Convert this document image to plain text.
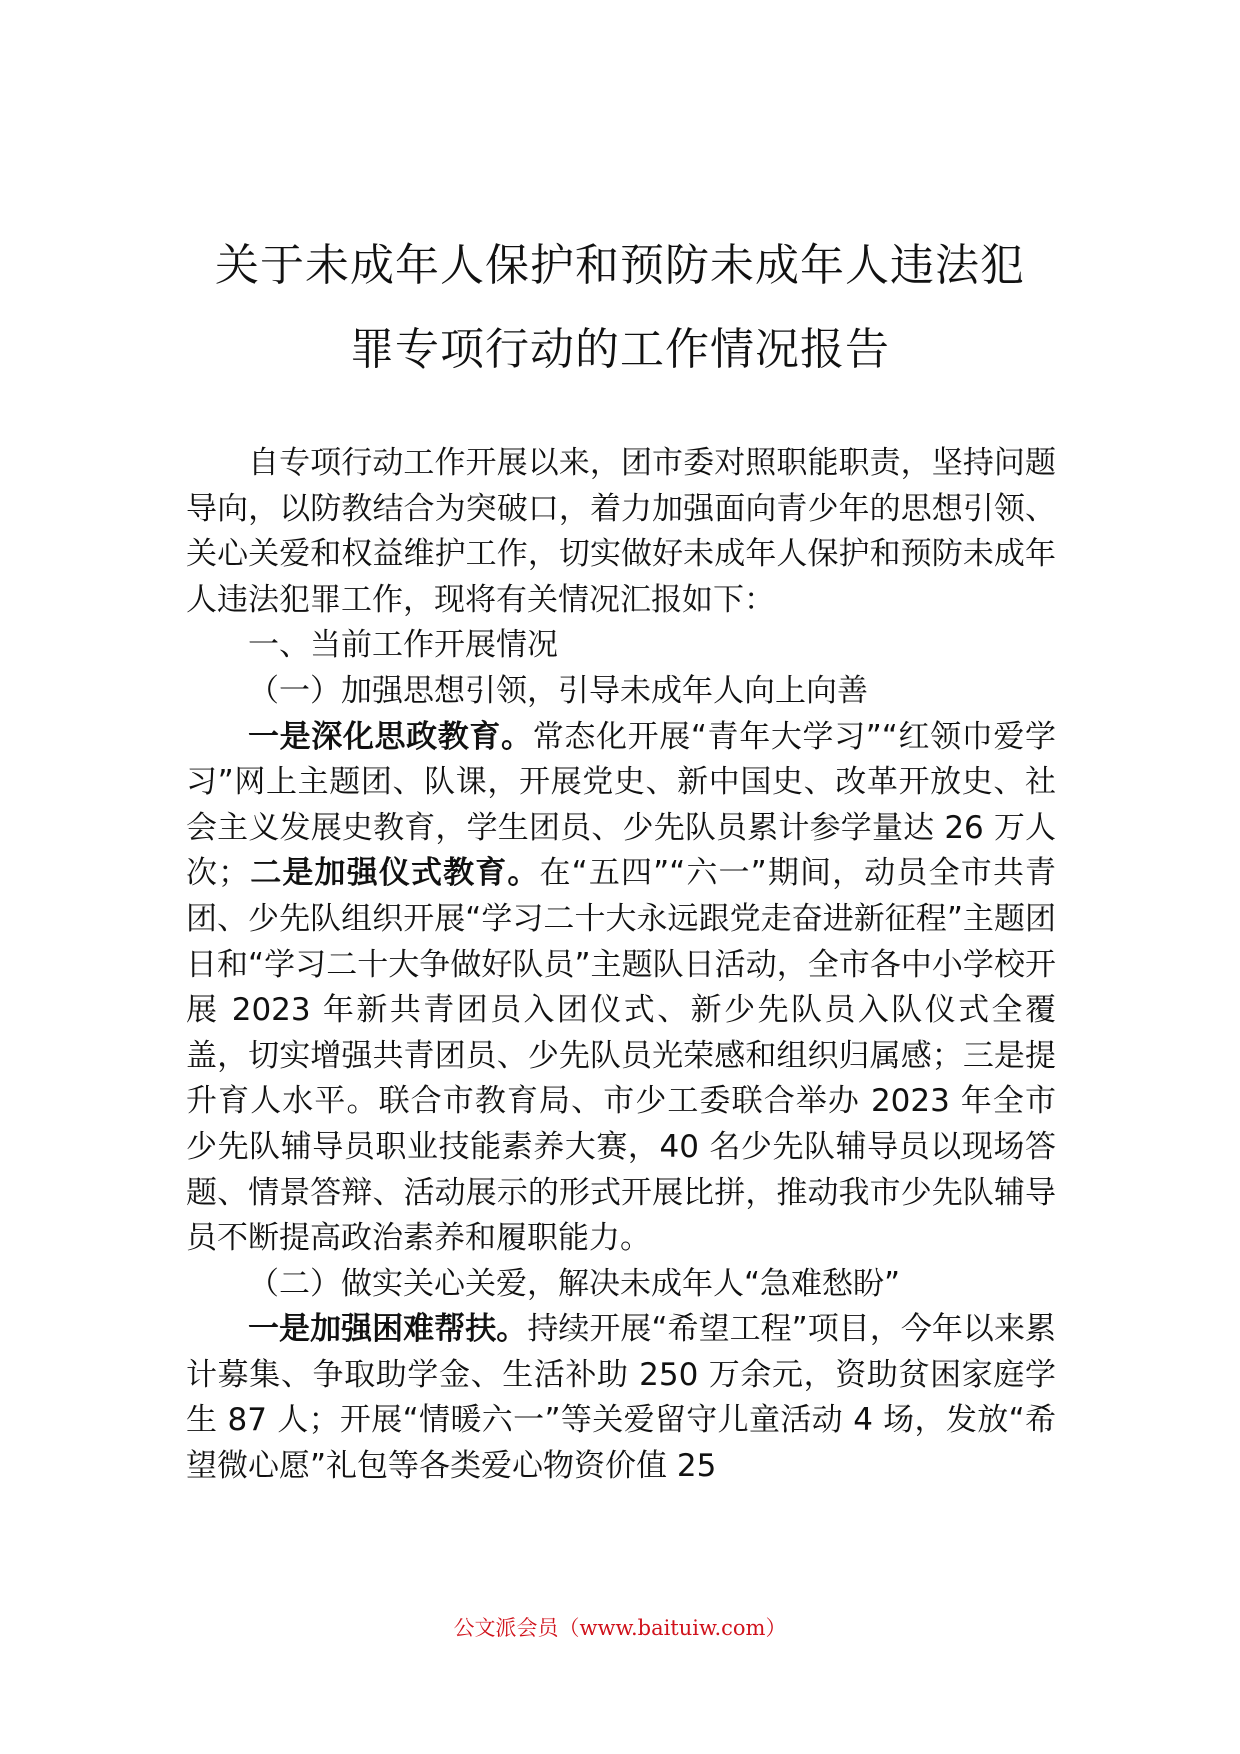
关于未成年人保护和预防未成年人违法犯
罪专项行动的工作情况报告

自专项行动工作开展以来，团市委对照职能职责，坚持问题导向，以防教结合为突破口，着力加强面向青少年的思想引领、关心关爱和权益维护工作，切实做好未成年人保护和预防未成年人违法犯罪工作，现将有关情况汇报如下：

一、当前工作开展情况

（一）加强思想引领，引导未成年人向上向善

一是深化思政教育。常态化开展“青年大学习”“红领巾爱学习”网上主题团、队课，开展党史、新中国史、改革开放史、社会主义发展史教育，学生团员、少先队员累计参学量达 26 万人次；二是加强仪式教育。在“五四”“六一”期间，动员全市共青团、少先队组织开展“学习二十大永远跟党走奋进新征程”主题团日和“学习二十大争做好队员”主题队日活动，全市各中小学校开展 2023 年新共青团员入团仪式、新少先队员入队仪式全覆盖，切实增强共青团员、少先队员光荣感和组织归属感；三是提升育人水平。联合市教育局、市少工委联合举办 2023 年全市少先队辅导员职业技能素养大赛，40 名少先队辅导员以现场答题、情景答辩、活动展示的形式开展比拼，推动我市少先队辅导员不断提高政治素养和履职能力。

（二）做实关心关爱，解决未成年人“急难愁盼”

一是加强困难帮扶。持续开展“希望工程”项目，今年以来累计募集、争取助学金、生活补助 250 万余元，资助贫困家庭学生 87 人；开展“情暖六一”等关爱留守儿童活动 4 场，发放“希望微心愿”礼包等各类爱心物资价值 25

公文派会员（www.baituiw.com）
